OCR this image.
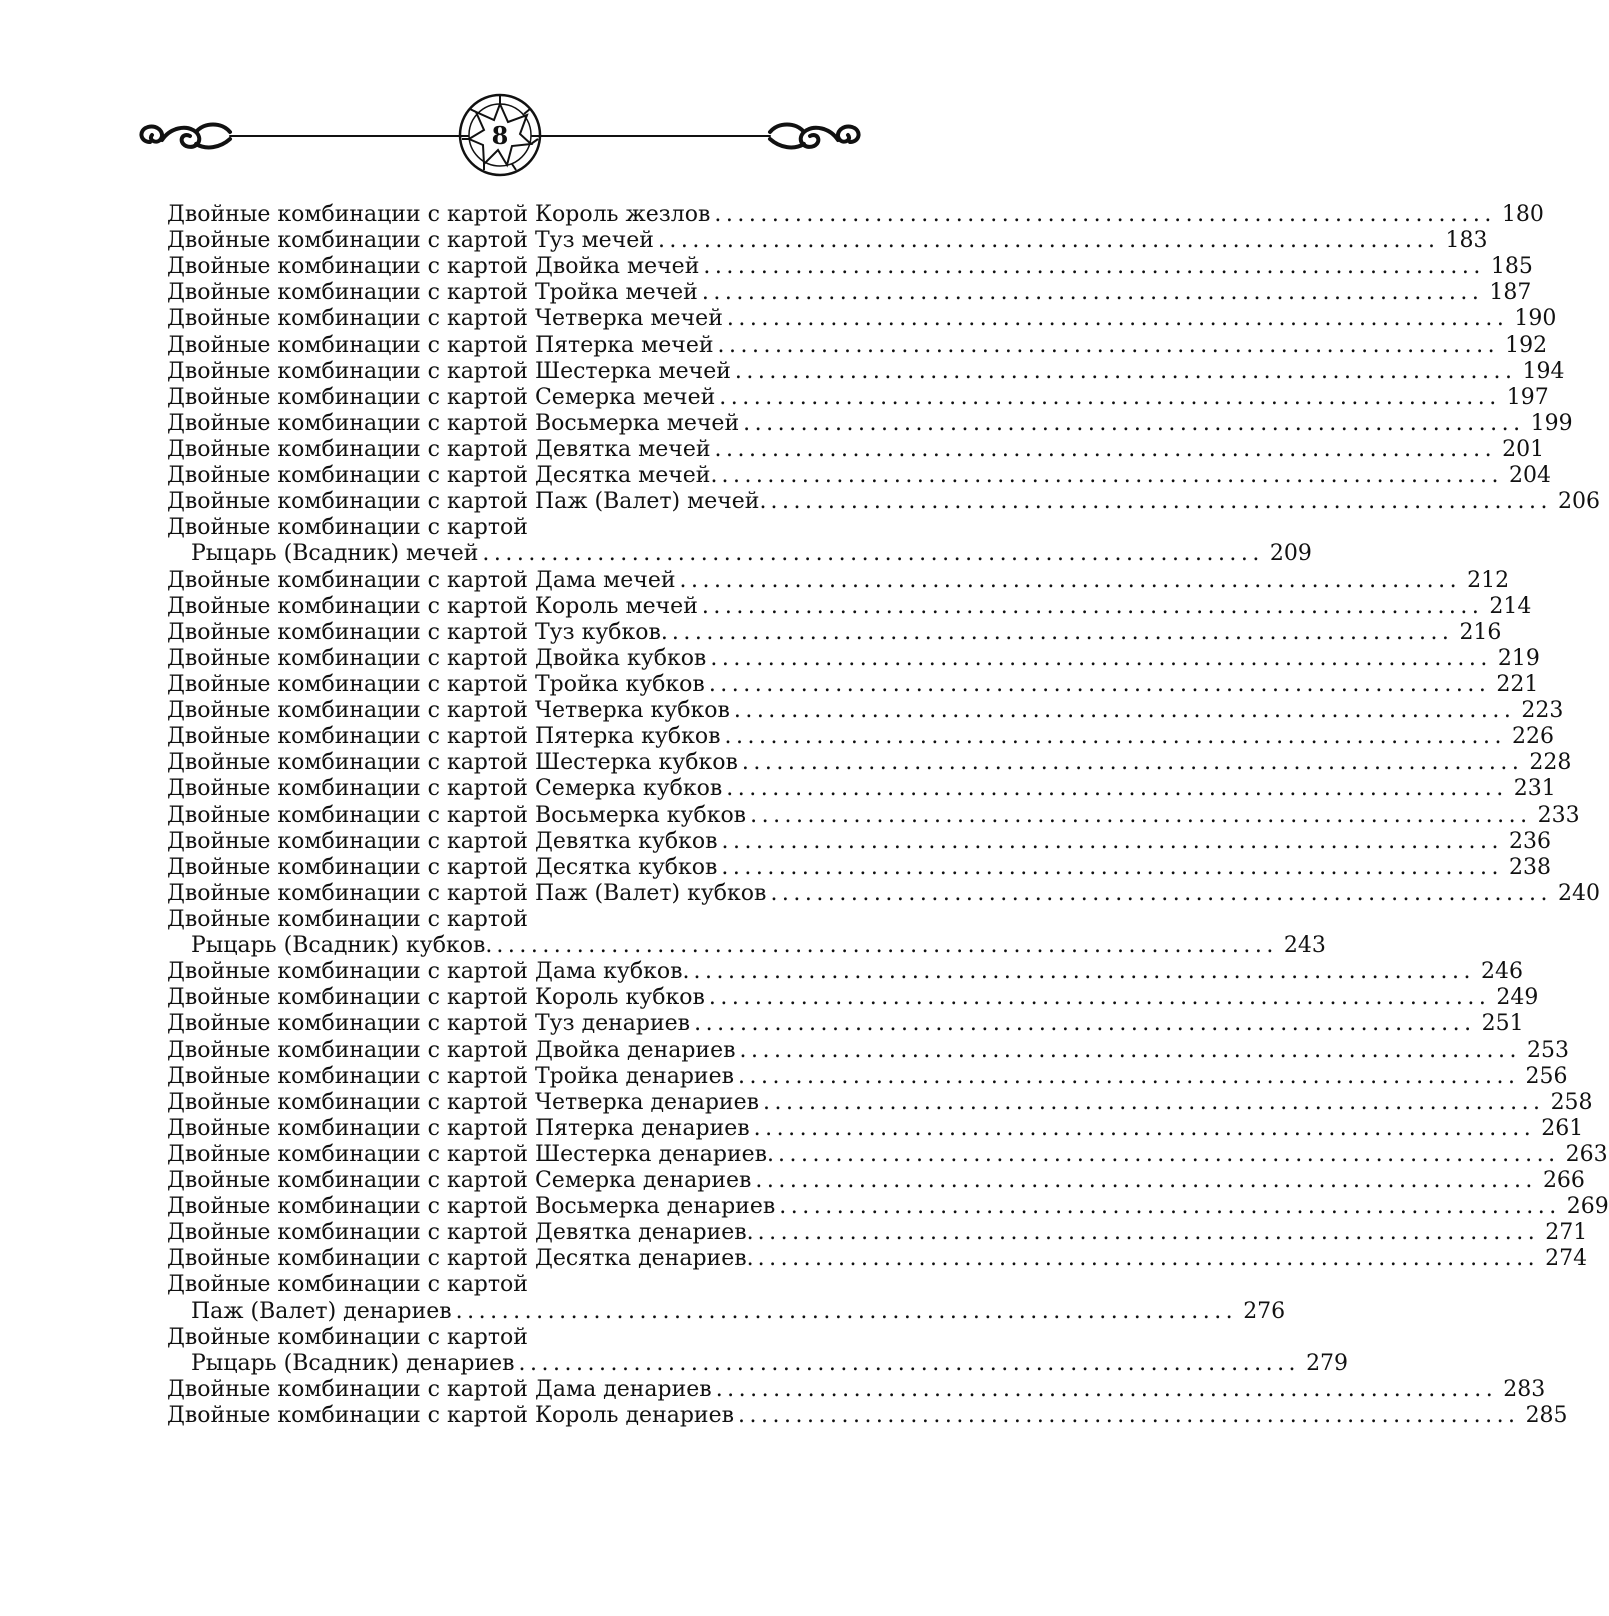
8
Двойные комбинации с картой Король жезлов .................................................................... 180
Двойные комбинации с картой Туз мечей .................................................................... 183
Двойные комбинации с картой Двойка мечей .................................................................... 185
Двойные комбинации с картой Тройка мечей .................................................................... 187
Двойные комбинации с картой Четверка мечей .................................................................... 190
Двойные комбинации с картой Пятерка мечей .................................................................... 192
Двойные комбинации с картой Шестерка мечей .................................................................... 194
Двойные комбинации с картой Семерка мечей .................................................................... 197
Двойные комбинации с картой Восьмерка мечей .................................................................... 199
Двойные комбинации с картой Девятка мечей .................................................................... 201
Двойные комбинации с картой Десятка мечей. .................................................................... 204
Двойные комбинации с картой Паж (Валет) мечей. .................................................................... 206
Двойные комбинации с картой
Рыцарь (Всадник) мечей .................................................................... 209
Двойные комбинации с картой Дама мечей .................................................................... 212
Двойные комбинации с картой Король мечей .................................................................... 214
Двойные комбинации с картой Туз кубков. .................................................................... 216
Двойные комбинации с картой Двойка кубков .................................................................... 219
Двойные комбинации с картой Тройка кубков .................................................................... 221
Двойные комбинации с картой Четверка кубков .................................................................... 223
Двойные комбинации с картой Пятерка кубков .................................................................... 226
Двойные комбинации с картой Шестерка кубков .................................................................... 228
Двойные комбинации с картой Семерка кубков .................................................................... 231
Двойные комбинации с картой Восьмерка кубков .................................................................... 233
Двойные комбинации с картой Девятка кубков .................................................................... 236
Двойные комбинации с картой Десятка кубков .................................................................... 238
Двойные комбинации с картой Паж (Валет) кубков .................................................................... 240
Двойные комбинации с картой
Рыцарь (Всадник) кубков. .................................................................... 243
Двойные комбинации с картой Дама кубков. .................................................................... 246
Двойные комбинации с картой Король кубков .................................................................... 249
Двойные комбинации с картой Туз денариев .................................................................... 251
Двойные комбинации с картой Двойка денариев .................................................................... 253
Двойные комбинации с картой Тройка денариев .................................................................... 256
Двойные комбинации с картой Четверка денариев .................................................................... 258
Двойные комбинации с картой Пятерка денариев .................................................................... 261
Двойные комбинации с картой Шестерка денариев. .................................................................... 263
Двойные комбинации с картой Семерка денариев .................................................................... 266
Двойные комбинации с картой Восьмерка денариев .................................................................... 269
Двойные комбинации с картой Девятка денариев. .................................................................... 271
Двойные комбинации с картой Десятка денариев. .................................................................... 274
Двойные комбинации с картой
Паж (Валет) денариев .................................................................... 276
Двойные комбинации с картой
Рыцарь (Всадник) денариев .................................................................... 279
Двойные комбинации с картой Дама денариев .................................................................... 283
Двойные комбинации с картой Король денариев .................................................................... 285
